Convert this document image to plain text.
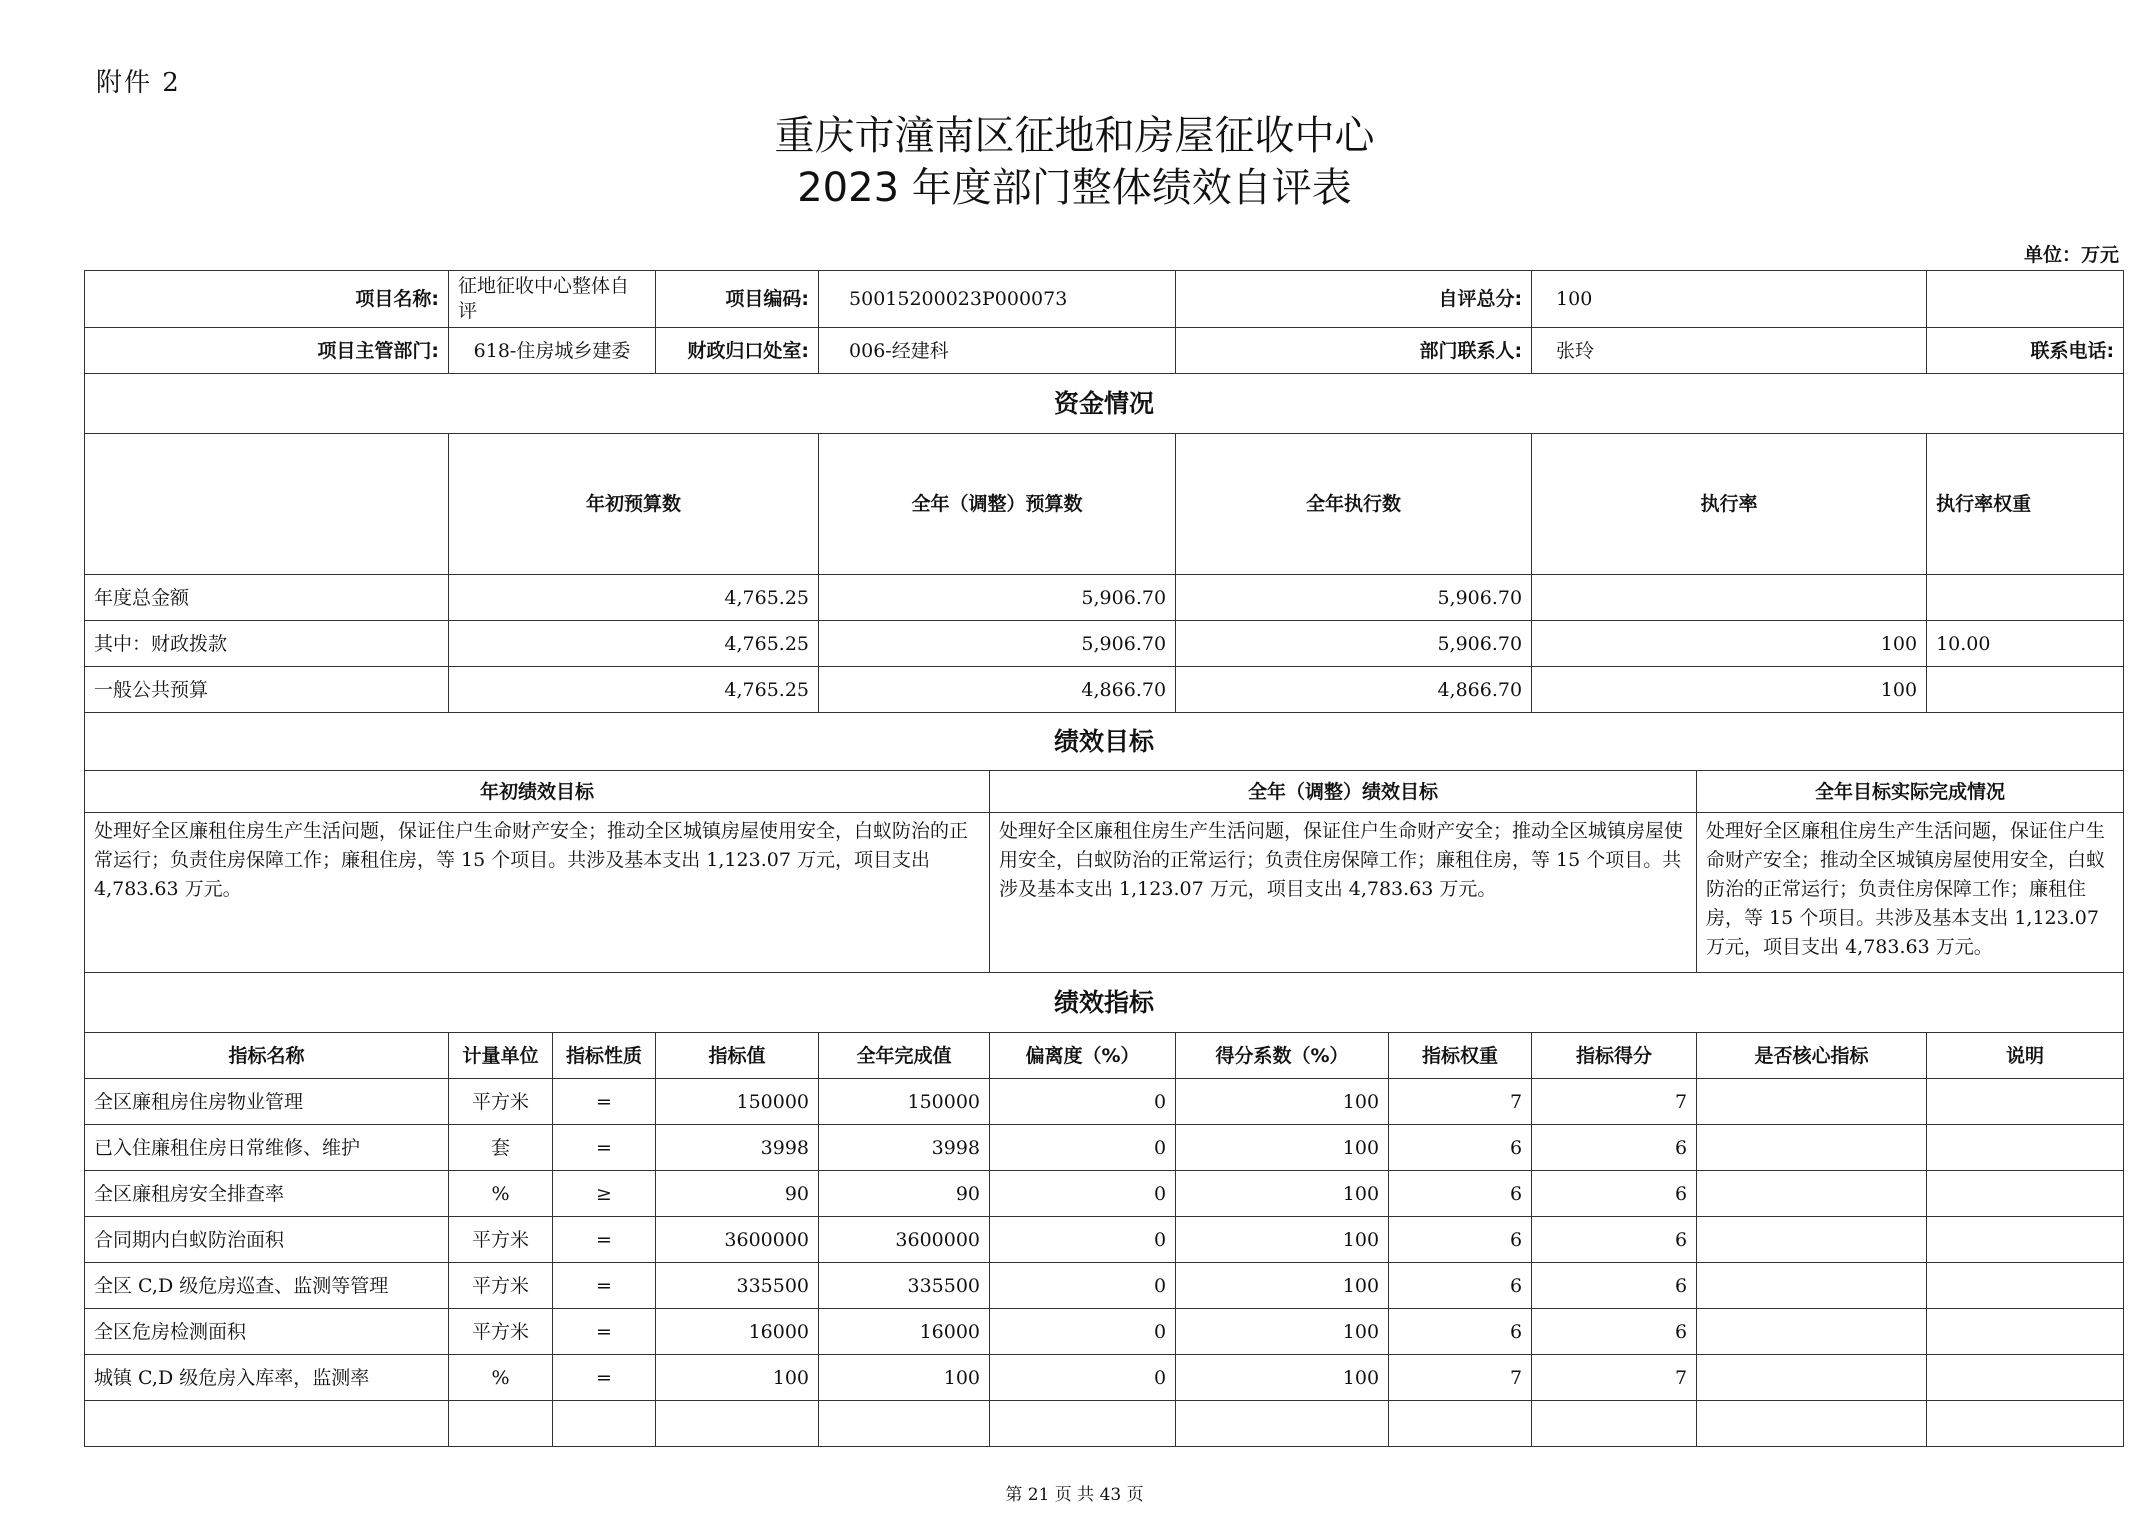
附件 2
重庆市潼南区征地和房屋征收中心
2023 年度部门整体绩效自评表
单位：万元
项目名称:	征地征收中心整体自评		项目编码:	50015200023P000073		自评总分:		100			
项目主管部门:	618-住房城乡建委		财政归口处室:	006-经建科		部门联系人:		张玲		联系电话:	
资金情况											
	年初预算数			全年（调整）预算数		全年执行数		执行率		执行率权重	
年度总金额	4,765.25			5,906.70		5,906.70					
其中：财政拨款	4,765.25			5,906.70		5,906.70		100		10.00	
一般公共预算	4,765.25			4,866.70		4,866.70		100			
绩效目标											
年初绩效目标					全年（调整）绩效目标				全年目标实际完成情况		
处理好全区廉租住房生产生活问题，保证住户生命财产安全；推动全区城镇房屋使用安全，白蚁防治的正常运行；负责住房保障工作；廉租住房，等 15 个项目。共涉及基本支出 1,123.07 万元，项目支出 4,783.63 万元。					处理好全区廉租住房生产生活问题，保证住户生命财产安全；推动全区城镇房屋使用安全，白蚁防治的正常运行；负责住房保障工作；廉租住房，等 15 个项目。共涉及基本支出 1,123.07 万元，项目支出 4,783.63 万元。				处理好全区廉租住房生产生活问题，保证住户生命财产安全；推动全区城镇房屋使用安全，白蚁防治的正常运行；负责住房保障工作；廉租住房，等 15 个项目。共涉及基本支出 1,123.07 万元，项目支出 4,783.63 万元。		
绩效指标											
指标名称	计量单位	指标性质	指标值	全年完成值	偏离度（%）	得分系数（%）	指标权重	指标得分	是否核心指标	说明	
全区廉租房住房物业管理	平方米	=	150000	150000	0	100	7	7			
已入住廉租住房日常维修、维护	套	=	3998	3998	0	100	6	6			
全区廉租房安全排查率	%	≥	90	90	0	100	6	6			
合同期内白蚁防治面积	平方米	=	3600000	3600000	0	100	6	6			
全区 C,D 级危房巡查、监测等管理	平方米	=	335500	335500	0	100	6	6			
全区危房检测面积	平方米	=	16000	16000	0	100	6	6			
城镇 C,D 级危房入库率，监测率	%	=	100	100	0	100	7	7			

第 21 页 共 43 页
